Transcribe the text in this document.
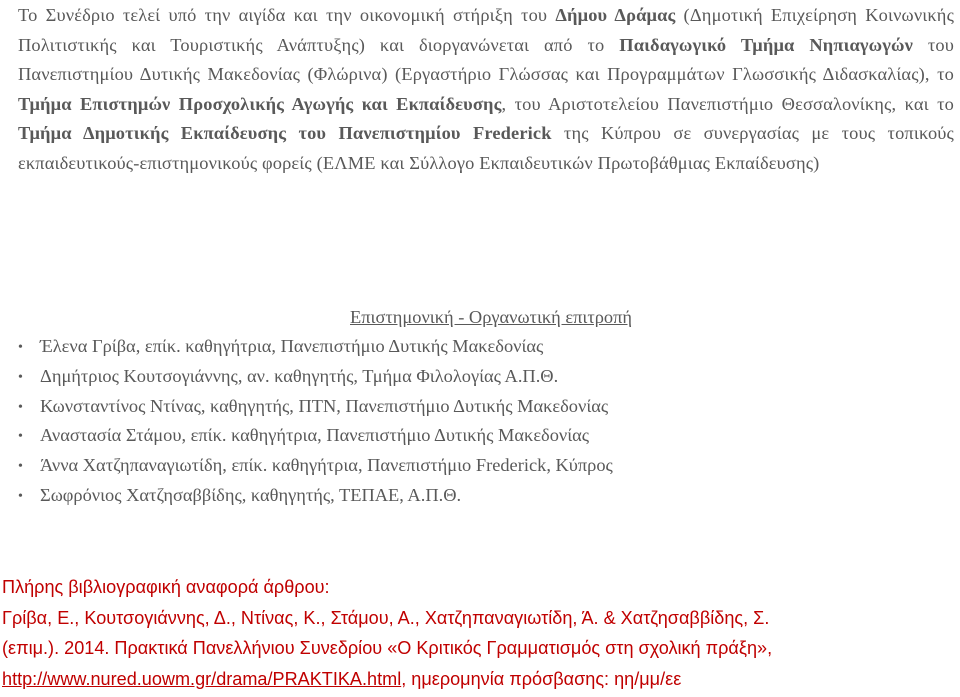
Το Συνέδριο τελεί υπό την αιγίδα και την οικονομική στήριξη του Δήμου Δράμας (Δημοτική Επιχείρηση Κοινωνικής Πολιτιστικής και Τουριστικής Ανάπτυξης) και διοργανώνεται από το Παιδαγωγικό Τμήμα Νηπιαγωγών του Πανεπιστημίου Δυτικής Μακεδονίας (Φλώρινα) (Εργαστήριο Γλώσσας και Προγραμμάτων Γλωσσικής Διδασκαλίας), το Τμήμα Επιστημών Προσχολικής Αγωγής και Εκπαίδευσης, του Αριστοτελείου Πανεπιστήμιο Θεσσαλονίκης, και το Τμήμα Δημοτικής Εκπαίδευσης του Πανεπιστημίου Frederick της Κύπρου σε συνεργασίας με τους τοπικούς εκπαιδευτικούς-επιστημονικούς φορείς (ΕΛΜΕ και Σύλλογο Εκπαιδευτικών Πρωτοβάθμιας Εκπαίδευσης)
Επιστημονική - Οργανωτική επιτροπή
• Έλενα Γρίβα, επίκ. καθηγήτρια, Πανεπιστήμιο Δυτικής Μακεδονίας
• Δημήτριος Κουτσογιάννης, αν. καθηγητής, Τμήμα Φιλολογίας Α.Π.Θ.
• Κωνσταντίνος Ντίνας, καθηγητής, ΠΤΝ, Πανεπιστήμιο Δυτικής Μακεδονίας
• Αναστασία Στάμου, επίκ. καθηγήτρια, Πανεπιστήμιο Δυτικής Μακεδονίας
• Άννα Χατζηπαναγιωτίδη, επίκ. καθηγήτρια, Πανεπιστήμιο Frederick, Κύπρος
• Σωφρόνιος Χατζησαββίδης, καθηγητής, ΤΕΠΑΕ, Α.Π.Θ.
Πλήρης βιβλιογραφική αναφορά άρθρου:
Γρίβα, Ε., Κουτσογιάννης, Δ., Ντίνας, Κ., Στάμου, Α., Χατζηπαναγιωτίδη, Ά. & Χατζησαββίδης, Σ.
(επιμ.). 2014. Πρακτικά Πανελλήνιου Συνεδρίου «Ο Κριτικός Γραμματισμός στη σχολική πράξη»,
http://www.nured.uowm.gr/drama/PRAKTIKA.html, ημερομηνία πρόσβασης: ηη/μμ/εε
